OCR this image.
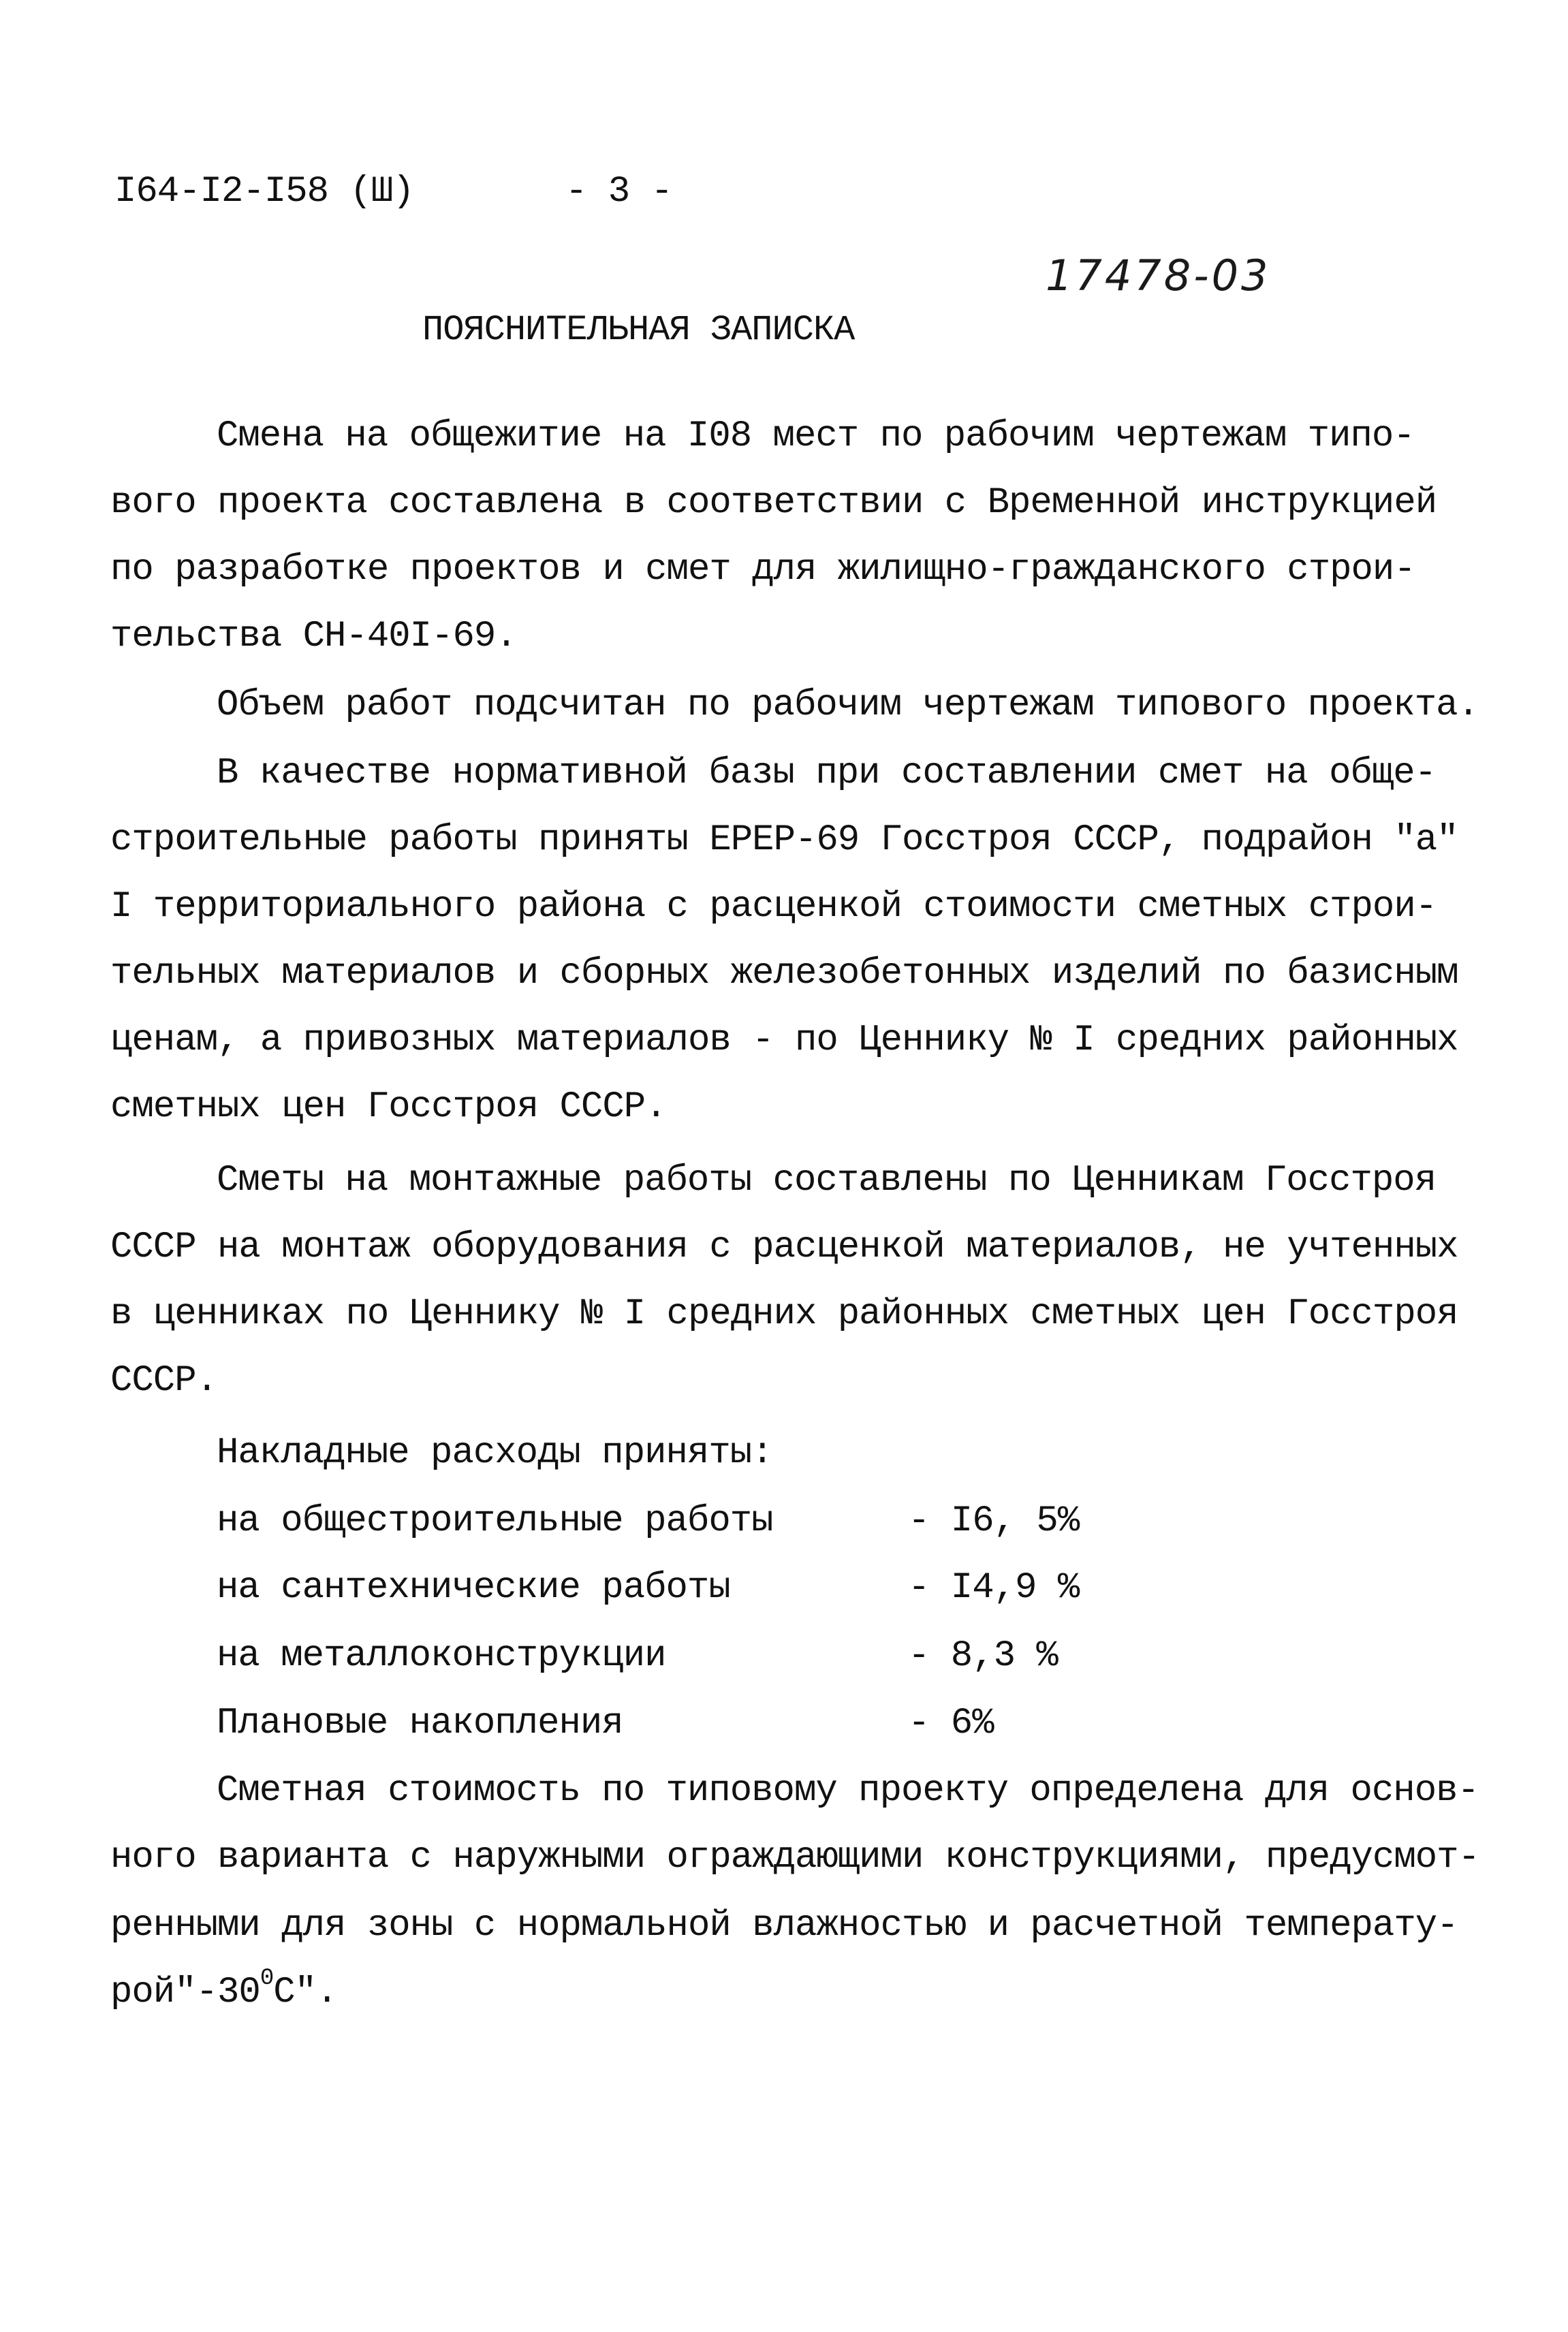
I64-I2-I58 (Ш)	- 3 -
17478-03
ПОЯСНИТЕЛЬНАЯ ЗАПИСКА
Смена на общежитие на I08 мест по рабочим чертежам типо-
вого проекта составлена в соответствии с Временной инструкцией
по разработке проектов и смет для жилищно-гражданского строи-
тельства СН-40I-69.
Объем работ подсчитан по рабочим чертежам типового проекта.
В качестве нормативной базы при составлении смет на обще-
строительные работы приняты ЕРЕР-69 Госстроя СССР, подрайон "а"
I территориального района с расценкой стоимости сметных строи-
тельных материалов и сборных железобетонных изделий по базисным
ценам, а привозных материалов - по Ценнику № I средних районных
сметных цен Госстроя СССР.
Сметы на монтажные работы составлены по Ценникам Госстроя
СССР на монтаж оборудования с расценкой материалов, не учтенных
в ценниках по Ценнику № I средних районных сметных цен Госстроя
СССР.
Накладные расходы приняты:
на общестроительные работы	- I6, 5%
на сантехнические работы	- I4,9 %
на металлоконструкции	- 8,3 %
Плановые накопления	- 6%
Сметная стоимость по типовому проекту определена для основ-
ного варианта с наружными ограждающими конструкциями, предусмот-
ренными для зоны с нормальной влажностью и расчетной температу-
$рой"-30^0С$".
